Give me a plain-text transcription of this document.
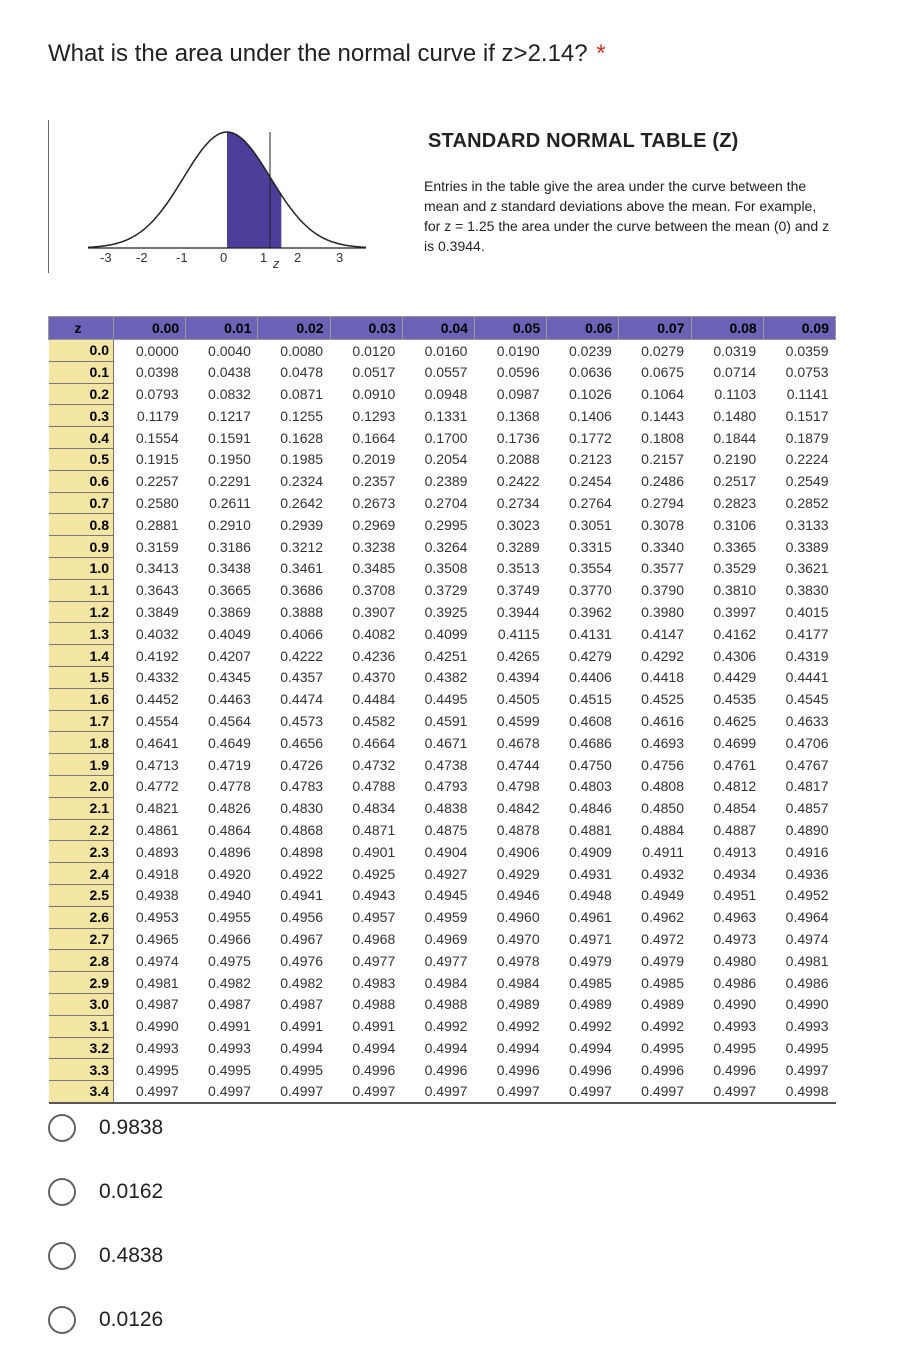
What is the area under the normal curve if z>2.14? *
-3 -2 -1 0	1 z 2	3
STANDARD NORMAL TABLE (Z)
Entries in the table give the area under the curve between the mean and z standard deviations above the mean. For example, for z = 1.25 the area under the curve between the mean (0) and z is 0.3944.
z	0.00	0.01	0.02	0.03	0.04	0.05	0.06	0.07	0.08	0.09
0.0	0.0000	0.0040	0.0080	0.0120	0.0160	0.0190	0.0239	0.0279	0.0319	0.0359
0.1	0.0398	0.0438	0.0478	0.0517	0.0557	0.0596	0.0636	0.0675	0.0714	0.0753
0.2	0.0793	0.0832	0.0871	0.0910	0.0948	0.0987	0.1026	0.1064	0.1103	0.1141
0.3	0.1179	0.1217	0.1255	0.1293	0.1331	0.1368	0.1406	0.1443	0.1480	0.1517
0.4	0.1554	0.1591	0.1628	0.1664	0.1700	0.1736	0.1772	0.1808	0.1844	0.1879
0.5	0.1915	0.1950	0.1985	0.2019	0.2054	0.2088	0.2123	0.2157	0.2190	0.2224
0.6	0.2257	0.2291	0.2324	0.2357	0.2389	0.2422	0.2454	0.2486	0.2517	0.2549
0.7	0.2580	0.2611	0.2642	0.2673	0.2704	0.2734	0.2764	0.2794	0.2823	0.2852
0.8	0.2881	0.2910	0.2939	0.2969	0.2995	0.3023	0.3051	0.3078	0.3106	0.3133
0.9	0.3159	0.3186	0.3212	0.3238	0.3264	0.3289	0.3315	0.3340	0.3365	0.3389
1.0	0.3413	0.3438	0.3461	0.3485	0.3508	0.3513	0.3554	0.3577	0.3529	0.3621
1.1	0.3643	0.3665	0.3686	0.3708	0.3729	0.3749	0.3770	0.3790	0.3810	0.3830
1.2	0.3849	0.3869	0.3888	0.3907	0.3925	0.3944	0.3962	0.3980	0.3997	0.4015
1.3	0.4032	0.4049	0.4066	0.4082	0.4099	0.4115	0.4131	0.4147	0.4162	0.4177
1.4	0.4192	0.4207	0.4222	0.4236	0.4251	0.4265	0.4279	0.4292	0.4306	0.4319
1.5	0.4332	0.4345	0.4357	0.4370	0.4382	0.4394	0.4406	0.4418	0.4429	0.4441
1.6	0.4452	0.4463	0.4474	0.4484	0.4495	0.4505	0.4515	0.4525	0.4535	0.4545
1.7	0.4554	0.4564	0.4573	0.4582	0.4591	0.4599	0.4608	0.4616	0.4625	0.4633
1.8	0.4641	0.4649	0.4656	0.4664	0.4671	0.4678	0.4686	0.4693	0.4699	0.4706
1.9	0.4713	0.4719	0.4726	0.4732	0.4738	0.4744	0.4750	0.4756	0.4761	0.4767
2.0	0.4772	0.4778	0.4783	0.4788	0.4793	0.4798	0.4803	0.4808	0.4812	0.4817
2.1	0.4821	0.4826	0.4830	0.4834	0.4838	0.4842	0.4846	0.4850	0.4854	0.4857
2.2	0.4861	0.4864	0.4868	0.4871	0.4875	0.4878	0.4881	0.4884	0.4887	0.4890
2.3	0.4893	0.4896	0.4898	0.4901	0.4904	0.4906	0.4909	0.4911	0.4913	0.4916
2.4	0.4918	0.4920	0.4922	0.4925	0.4927	0.4929	0.4931	0.4932	0.4934	0.4936
2.5	0.4938	0.4940	0.4941	0.4943	0.4945	0.4946	0.4948	0.4949	0.4951	0.4952
2.6	0.4953	0.4955	0.4956	0.4957	0.4959	0.4960	0.4961	0.4962	0.4963	0.4964
2.7	0.4965	0.4966	0.4967	0.4968	0.4969	0.4970	0.4971	0.4972	0.4973	0.4974
2.8	0.4974	0.4975	0.4976	0.4977	0.4977	0.4978	0.4979	0.4979	0.4980	0.4981
2.9	0.4981	0.4982	0.4982	0.4983	0.4984	0.4984	0.4985	0.4985	0.4986	0.4986
3.0	0.4987	0.4987	0.4987	0.4988	0.4988	0.4989	0.4989	0.4989	0.4990	0.4990
3.1	0.4990	0.4991	0.4991	0.4991	0.4992	0.4992	0.4992	0.4992	0.4993	0.4993
3.2	0.4993	0.4993	0.4994	0.4994	0.4994	0.4994	0.4994	0.4995	0.4995	0.4995
3.3	0.4995	0.4995	0.4995	0.4996	0.4996	0.4996	0.4996	0.4996	0.4996	0.4997
3.4	0.4997	0.4997	0.4997	0.4997	0.4997	0.4997	0.4997	0.4997	0.4997	0.4998
0.9838
0.0162
0.4838
0.0126
